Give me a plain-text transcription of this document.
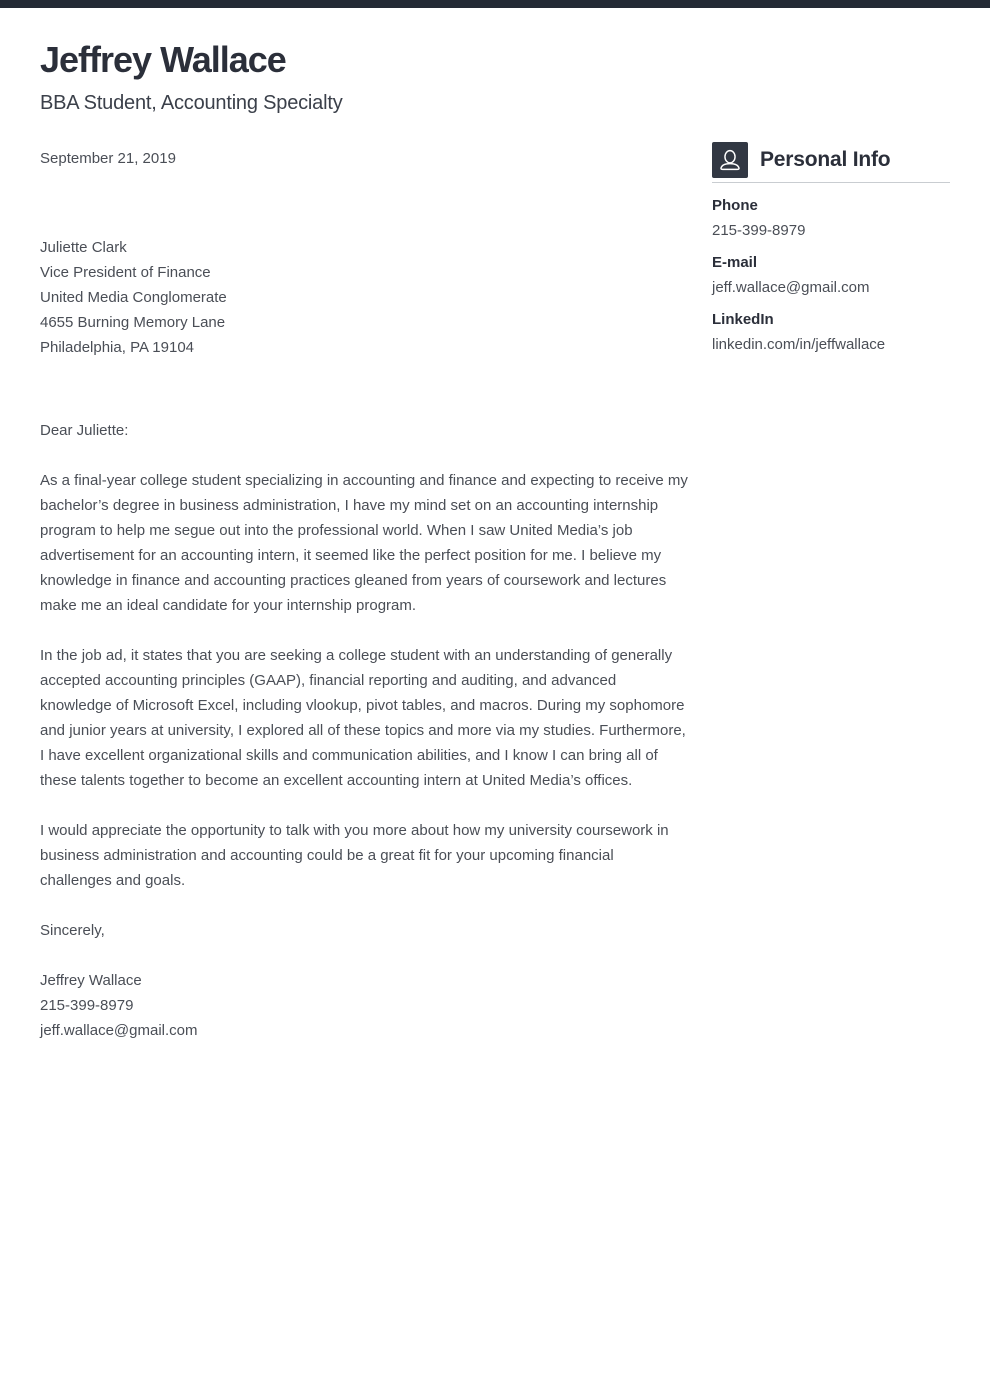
Jeffrey Wallace
BBA Student, Accounting Specialty
September 21, 2019
Juliette Clark
Vice President of Finance
United Media Conglomerate
4655 Burning Memory Lane
Philadelphia, PA 19104

Dear Juliette:

As a final-year college student specializing in accounting and finance and expecting to receive my bachelor’s degree in business administration, I have my mind set on an accounting internship program to help me segue out into the professional world. When I saw United Media’s job advertisement for an accounting intern, it seemed like the perfect position for me. I believe my knowledge in finance and accounting practices gleaned from years of coursework and lectures make me an ideal candidate for your internship program.

In the job ad, it states that you are seeking a college student with an understanding of generally accepted accounting principles (GAAP), financial reporting and auditing, and advanced knowledge of Microsoft Excel, including vlookup, pivot tables, and macros. During my sophomore and junior years at university, I explored all of these topics and more via my studies. Furthermore, I have excellent organizational skills and communication abilities, and I know I can bring all of these talents together to become an excellent accounting intern at United Media’s offices.

I would appreciate the opportunity to talk with you more about how my university coursework in business administration and accounting could be a great fit for your upcoming financial challenges and goals.

Sincerely,

Jeffrey Wallace
215-399-8979
jeff.wallace@gmail.com
Personal Info
Phone
215-399-8979
E-mail
jeff.wallace@gmail.com
LinkedIn
linkedin.com/in/jeffwallace
